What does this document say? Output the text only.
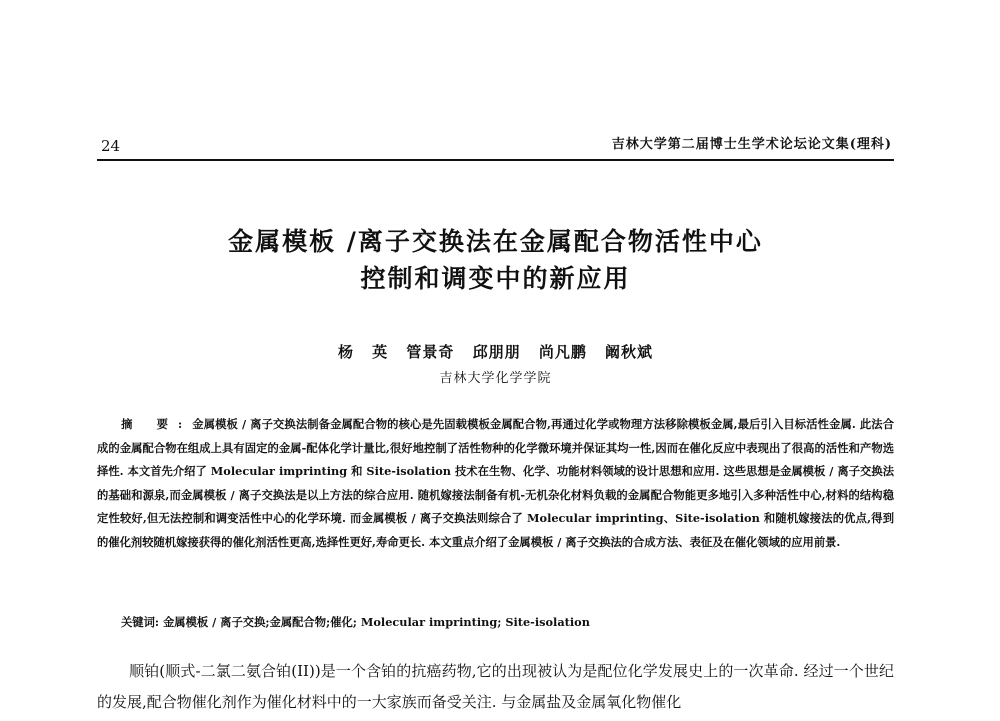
24	吉林大学第二届博士生学术论坛论文集(理科)
金属模板 /离子交换法在金属配合物活性中心
控制和调变中的新应用
杨 英 管景奇 邱朋朋 尚凡鹏 阚秋斌
吉林大学化学学院

摘 要:金属模板 / 离子交换法制备金属配合物的核心是先固载模板金属配合物,再通过化学或物理方法移除模板金属,最后引入目标活性金属. 此法合成的金属配合物在组成上具有固定的金属-配体化学计量比,很好地控制了活性物种的化学微环境并保证其均一性,因而在催化反应中表现出了很高的活性和产物选择性. 本文首先介绍了 Molecular imprinting 和 Site-isolation 技术在生物、化学、功能材料领域的设计思想和应用. 这些思想是金属模板 / 离子交换法的基础和源泉,而金属模板 / 离子交换法是以上方法的综合应用. 随机嫁接法制备有机-无机杂化材料负载的金属配合物能更多地引入多种活性中心,材料的结构稳定性较好,但无法控制和调变活性中心的化学环境. 而金属模板 / 离子交换法则综合了 Molecular imprinting、Site-isolation 和随机嫁接法的优点,得到的催化剂较随机嫁接获得的催化剂活性更高,选择性更好,寿命更长. 本文重点介绍了金属模板 / 离子交换法的合成方法、表征及在催化领域的应用前景.

关键词: 金属模板 / 离子交换;金属配合物;催化; Molecular imprinting; Site-isolation

顺铂(顺式-二氯二氨合铂(II))是一个含铂的抗癌药物,它的出现被认为是配位化学发展史上的一次革命. 经过一个世纪的发展,配合物催化剂作为催化材料中的一大家族而备受关注. 与金属盐及金属氧化物催化
